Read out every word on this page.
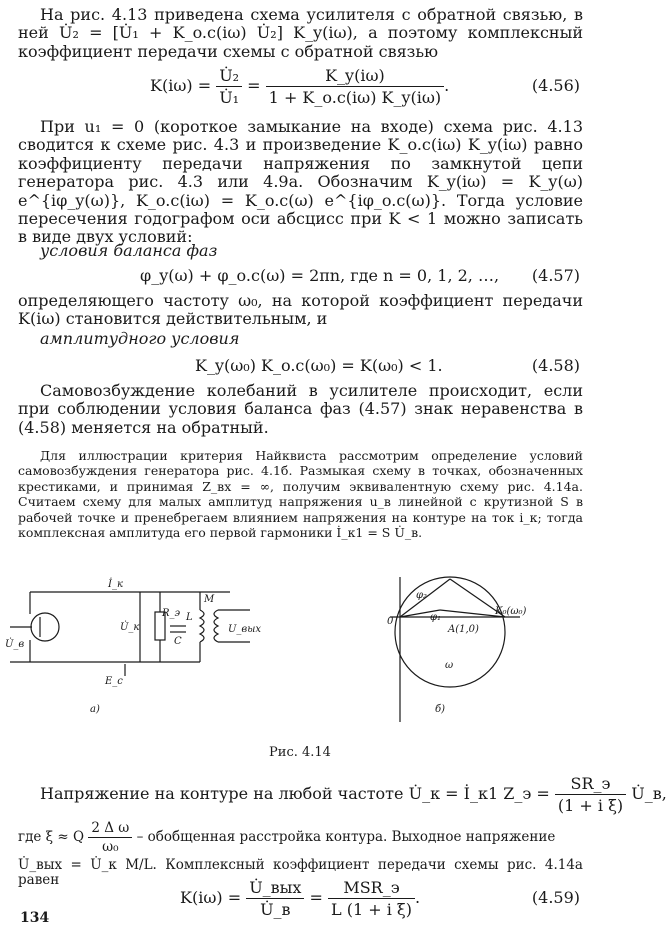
На рис. 4.13 приведена схема усилителя с обратной связью, в ней U̇₂ = [U̇₁ + K_o.c(iω) U̇₂] K_y(iω), а поэтому комплексный коэффициент передачи схемы с обратной связью

$K(i\omega) = \frac{\text{U̇₂}}{\text{U̇₁}} = \frac{K\_y(i\omega)}{1 + K\_o.c(i\omega) K\_y(i\omega)}$ .	(4.56)

При u₁ = 0 (короткое замыкание на входе) схема рис. 4.13 сводится к схеме рис. 4.3 и произведение K_o.c(iω) K_y(iω) равно коэффициенту передачи напряжения по замкнутой цепи генератора рис. 4.3 или 4.9а. Обозначим K_y(iω) = K_y(ω) e^{iφ_y(ω)}, K_o.c(iω) = K_o.c(ω) e^{iφ_o.c(ω)}. Тогда условие пересечения годографом оси абсцисс при K < 1 можно записать в виде двух условий:

условия баланса фаз

φ_y(ω) + φ_o.c(ω) = 2πn, где n = 0, 1, 2, …, (4.57)

определяющего частоту ω₀, на которой коэффициент передачи K(iω) становится действительным, и

амплитудного условия

K_y(ω₀) K_o.c(ω₀) = K(ω₀) < 1.	(4.58)

Самовозбуждение колебаний в усилителе происходит, если при соблюдении условия баланса фаз (4.57) знак неравенства в (4.58) меняется на обратный.

Для иллюстрации критерия Найквиста рассмотрим определение условий самовозбуждения генератора рис. 4.1б. Размыкая схему в точках, обозначенных крестиками, и принимая Z_вх = ∞, получим эквивалентную схему рис. 4.14а. Считаем схему для малых амплитуд напряжения u_в линейной с крутизной S в рабочей точке и пренебрегаем влиянием напряжения на контуре на ток i_к; тогда комплексная амплитуда его первой гармоники İ_к1 = S U̇_в.

İ_к
U̇_к
R_э
C
L
M
U_вых
U̇_в
E_с
а)
0
A(1,0)
K₀(ω₀)
φ₁
φ₂
ω
б)
Рис. 4.14
Напряжение на контуре на любой частоте U̇_к = İ_к1 Z_э = $\frac{SR\_э}{\text{(1 + i ξ)}}$ U̇_в,
где ξ ≈ Q $\frac{\text{2 Δ ω}}{\text{ω₀}}$ – обобщенная расстройка контура. Выходное напряжение

U̇_вых = U̇_к M/L. Комплексный коэффициент передачи схемы рис. 4.14а равен

$K(i\omega) = \frac{\text{U̇\_вых}}{U̇\_в} = \frac{\text{MSR\_э}}{\text{L (1 + i ξ)}}$ .	(4.59)
134
